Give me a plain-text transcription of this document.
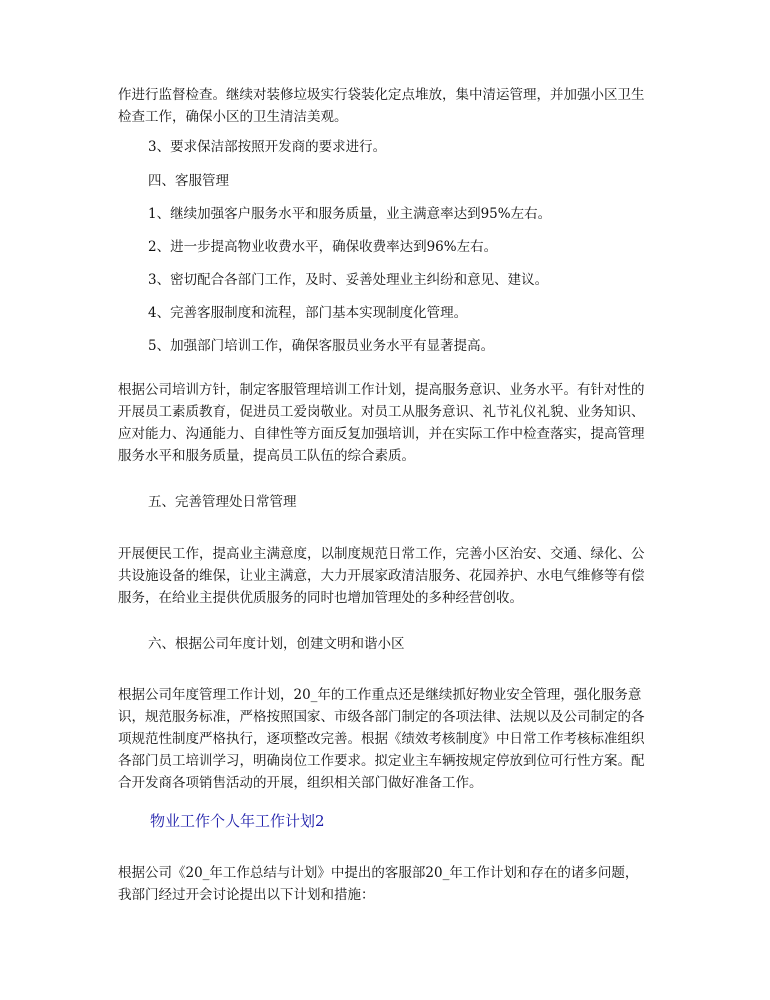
作进行监督检查。继续对装修垃圾实行袋装化定点堆放，集中清运管理，并加强小区卫生检查工作，确保小区的卫生清洁美观。

3、要求保洁部按照开发商的要求进行。

四、客服管理

1、继续加强客户服务水平和服务质量，业主满意率达到95%左右。

2、进一步提高物业收费水平，确保收费率达到96%左右。

3、密切配合各部门工作，及时、妥善处理业主纠纷和意见、建议。

4、完善客服制度和流程，部门基本实现制度化管理。

5、加强部门培训工作，确保客服员业务水平有显著提高。

根据公司培训方针，制定客服管理培训工作计划，提高服务意识、业务水平。有针对性的开展员工素质教育，促进员工爱岗敬业。对员工从服务意识、礼节礼仪礼貌、业务知识、应对能力、沟通能力、自律性等方面反复加强培训，并在实际工作中检查落实，提高管理服务水平和服务质量，提高员工队伍的综合素质。

五、完善管理处日常管理

开展便民工作，提高业主满意度，以制度规范日常工作，完善小区治安、交通、绿化、公共设施设备的维保，让业主满意，大力开展家政清洁服务、花园养护、水电气维修等有偿服务，在给业主提供优质服务的同时也增加管理处的多种经营创收。

六、根据公司年度计划，创建文明和谐小区

根据公司年度管理工作计划，20_年的工作重点还是继续抓好物业安全管理，强化服务意识，规范服务标准，严格按照国家、市级各部门制定的各项法律、法规以及公司制定的各项规范性制度严格执行，逐项整改完善。根据《绩效考核制度》中日常工作考核标准组织各部门员工培训学习，明确岗位工作要求。拟定业主车辆按规定停放到位可行性方案。配合开发商各项销售活动的开展，组织相关部门做好准备工作。

物业工作个人年工作计划2

根据公司《20_年工作总结与计划》中提出的客服部20_年工作计划和存在的诸多问题，我部门经过开会讨论提出以下计划和措施：
